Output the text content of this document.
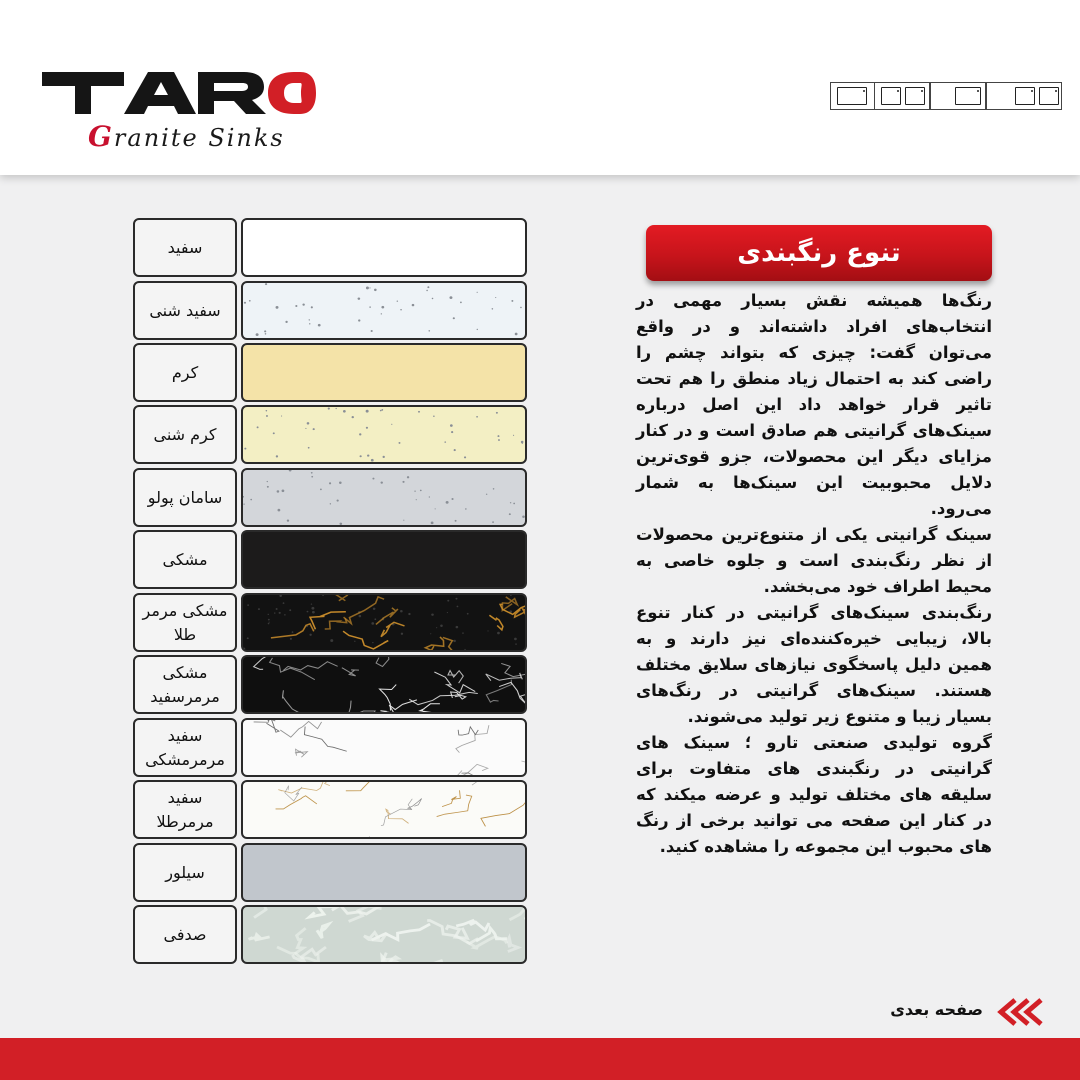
Granite Sinks
سفید
سفید شنی
کرم
کرم شنی
سامان پولو
مشکی
مشکی مرمر طلا
مشکی مرمرسفید
سفید مرمرمشکی
سفید مرمرطلا
سیلور
صدفی
تنوع رنگبندی

رنگ‌ها همیشه نقش بسیار مهمی در انتخاب‌های افراد داشته‌اند و در واقع می‌توان گفت: چیزی که بتواند چشم را راضی کند به احتمال زیاد منطق را هم تحت تاثیر قرار خواهد داد این اصل درباره سینک‌های گرانیتی هم صادق است و در کنار مزایای دیگر این محصولات، جزو قوی‌ترین دلایل محبوبیت این سینک‌ها به شمار می‌رود.

سینک گرانیتی یکی از متنوع‌ترین محصولات از نظر رنگ‌بندی است و جلوه خاصی به محیط اطراف خود می‌بخشد.

رنگ‌بندی سینک‌های گرانیتی در کنار تنوع بالا، زیبایی خیره‌کننده‌ای نیز دارند و به همین دلیل پاسخگوی نیازهای سلایق مختلف هستند. سینک‌های گرانیتی در رنگ‌های بسیار زیبا و متنوع زیر تولید می‌شوند.

گروه تولیدی صنعتی تارو ؛ سینک های گرانیتی در رنگبندی های متفاوت برای سلیقه های مختلف تولید و عرضه میکند که در کنار این صفحه می توانید برخی از رنگ های محبوب این مجموعه را مشاهده کنید.

صفحه بعدی
